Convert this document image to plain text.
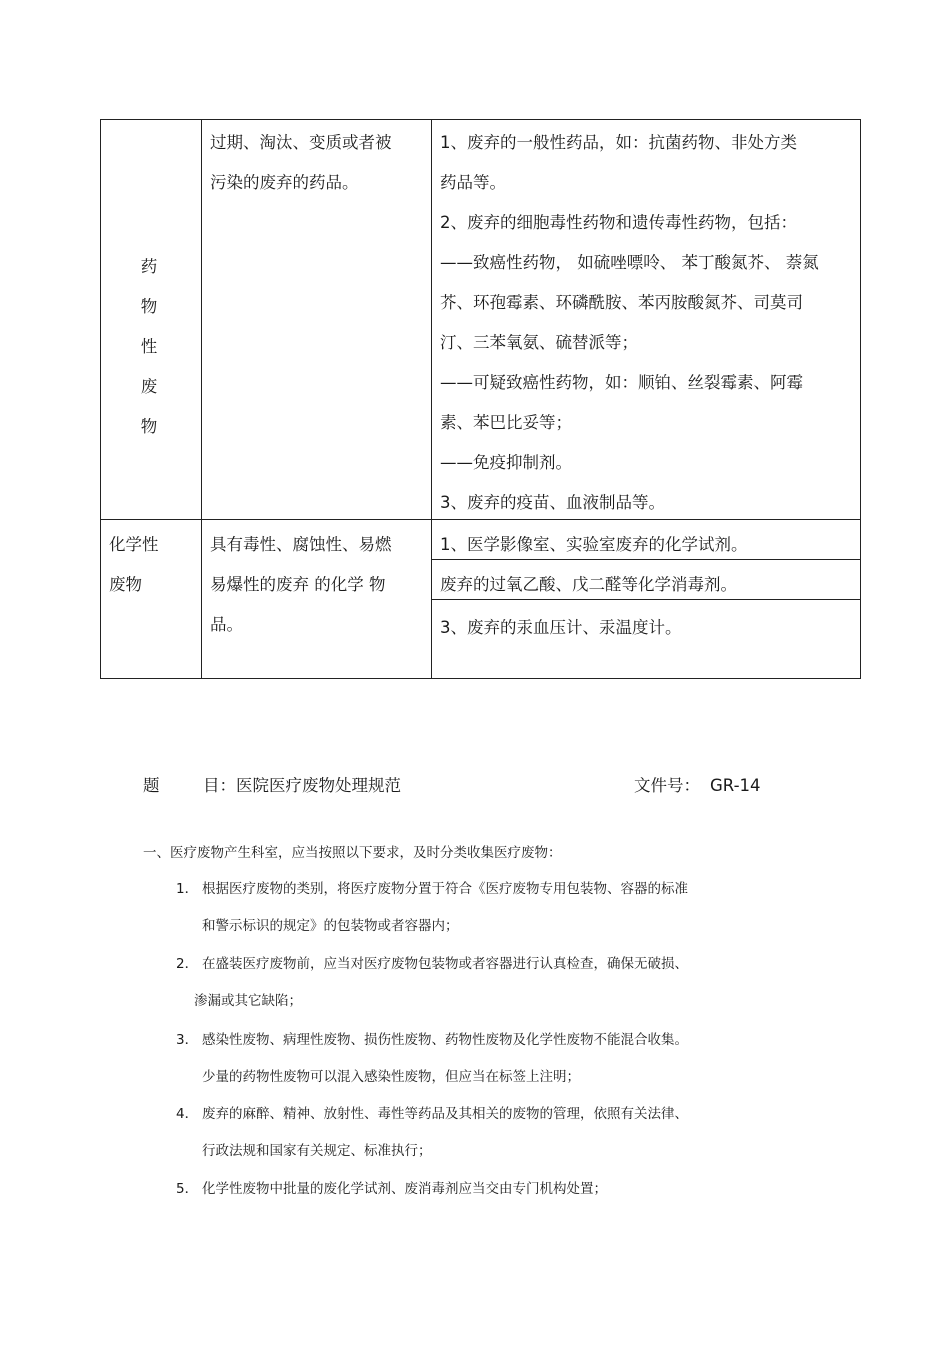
药
物
性
废
物
过期、淘汰、变质或者被
污染的废弃的药品。
1、废弃的一般性药品，如：抗菌药物、非处方类
药品等。
2、废弃的细胞毒性药物和遗传毒性药物，包括：
——致癌性药物， 如硫唑嘌呤、 苯丁酸氮芥、 萘氮
芥、环孢霉素、环磷酰胺、苯丙胺酸氮芥、司莫司
汀、三苯氧氨、硫替派等；
——可疑致癌性药物，如：顺铂、丝裂霉素、阿霉
素、苯巴比妥等；
——免疫抑制剂。
3、废弃的疫苗、血液制品等。
化学性
废物
具有毒性、腐蚀性、易燃
易爆性的废弃 的化学 物
品。
1、医学影像室、实验室废弃的化学试剂。
废弃的过氧乙酸、戊二醛等化学消毒剂。
3、废弃的汞血压计、汞温度计。
题	目：医院医疗废物处理规范	文件号： GR-14
一、医疗废物产生科室，应当按照以下要求，及时分类收集医疗废物：
1． 根据医疗废物的类别，将医疗废物分置于符合《医疗废物专用包装物、容器的标准
和警示标识的规定》的包装物或者容器内；
2． 在盛装医疗废物前，应当对医疗废物包装物或者容器进行认真检查，确保无破损、
渗漏或其它缺陷；
3． 感染性废物、病理性废物、损伤性废物、药物性废物及化学性废物不能混合收集。
少量的药物性废物可以混入感染性废物，但应当在标签上注明；
4． 废弃的麻醉、精神、放射性、毒性等药品及其相关的废物的管理，依照有关法律、
行政法规和国家有关规定、标准执行；
5． 化学性废物中批量的废化学试剂、废消毒剂应当交由专门机构处置；
